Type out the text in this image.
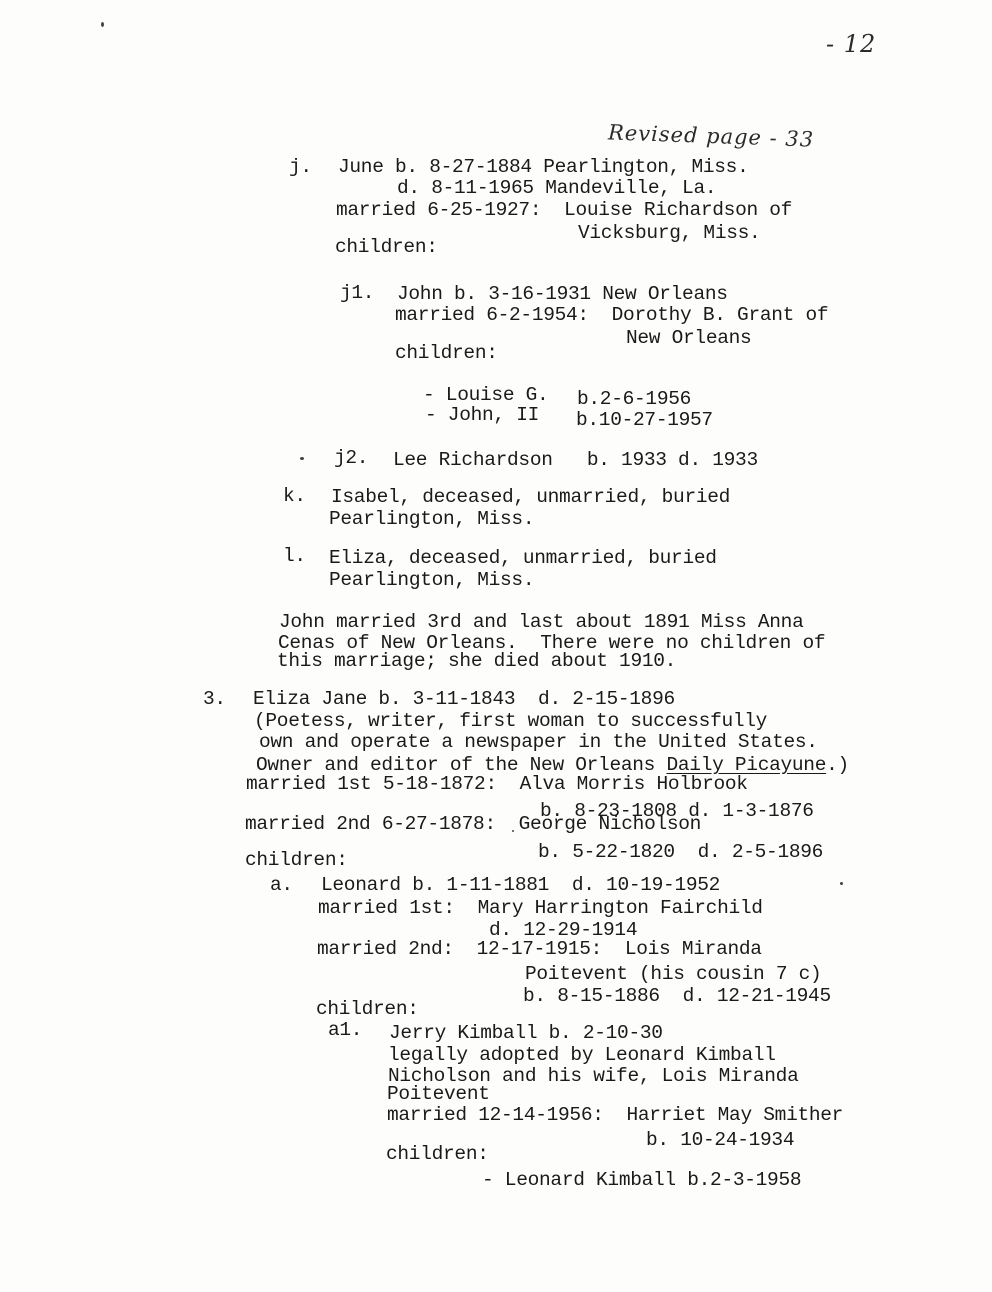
- 12
Revised page - 33
j. June b. 8-27-1884 Pearlington, Miss.
d. 8-11-1965 Mandeville, La.
married 6-25-1927:  Louise Richardson of
Vicksburg, Miss.
children:
j1. John b. 3-16-1931 New Orleans
married 6-2-1954:  Dorothy B. Grant of
New Orleans
children:
- Louise G. b.2-6-1956
- John, II b.10-27-1957
j2. Lee Richardson   b. 1933 d. 1933
k. Isabel, deceased, unmarried, buried
Pearlington, Miss.
l. Eliza, deceased, unmarried, buried
Pearlington, Miss.
John married 3rd and last about 1891 Miss Anna
Cenas of New Orleans.  There were no children of
this marriage; she died about 1910.
3. Eliza Jane b. 3-11-1843  d. 2-15-1896
(Poetess, writer, first woman to successfully
own and operate a newspaper in the United States.
Owner and editor of the New Orleans Daily Picayune.)
married 1st 5-18-1872:  Alva Morris Holbrook
b. 8-23-1808 d. 1-3-1876
married 2nd 6-27-1878:  George Nicholson
b. 5-22-1820  d. 2-5-1896
children:
a. Leonard b. 1-11-1881  d. 10-19-1952
married 1st:  Mary Harrington Fairchild
d. 12-29-1914
married 2nd:  12-17-1915:  Lois Miranda
Poitevent (his cousin 7 c)
b. 8-15-1886  d. 12-21-1945
children:
a1. Jerry Kimball b. 2-10-30
legally adopted by Leonard Kimball
Nicholson and his wife, Lois Miranda
Poitevent
married 12-14-1956:  Harriet May Smither
b. 10-24-1934
children:
- Leonard Kimball b.2-3-1958
